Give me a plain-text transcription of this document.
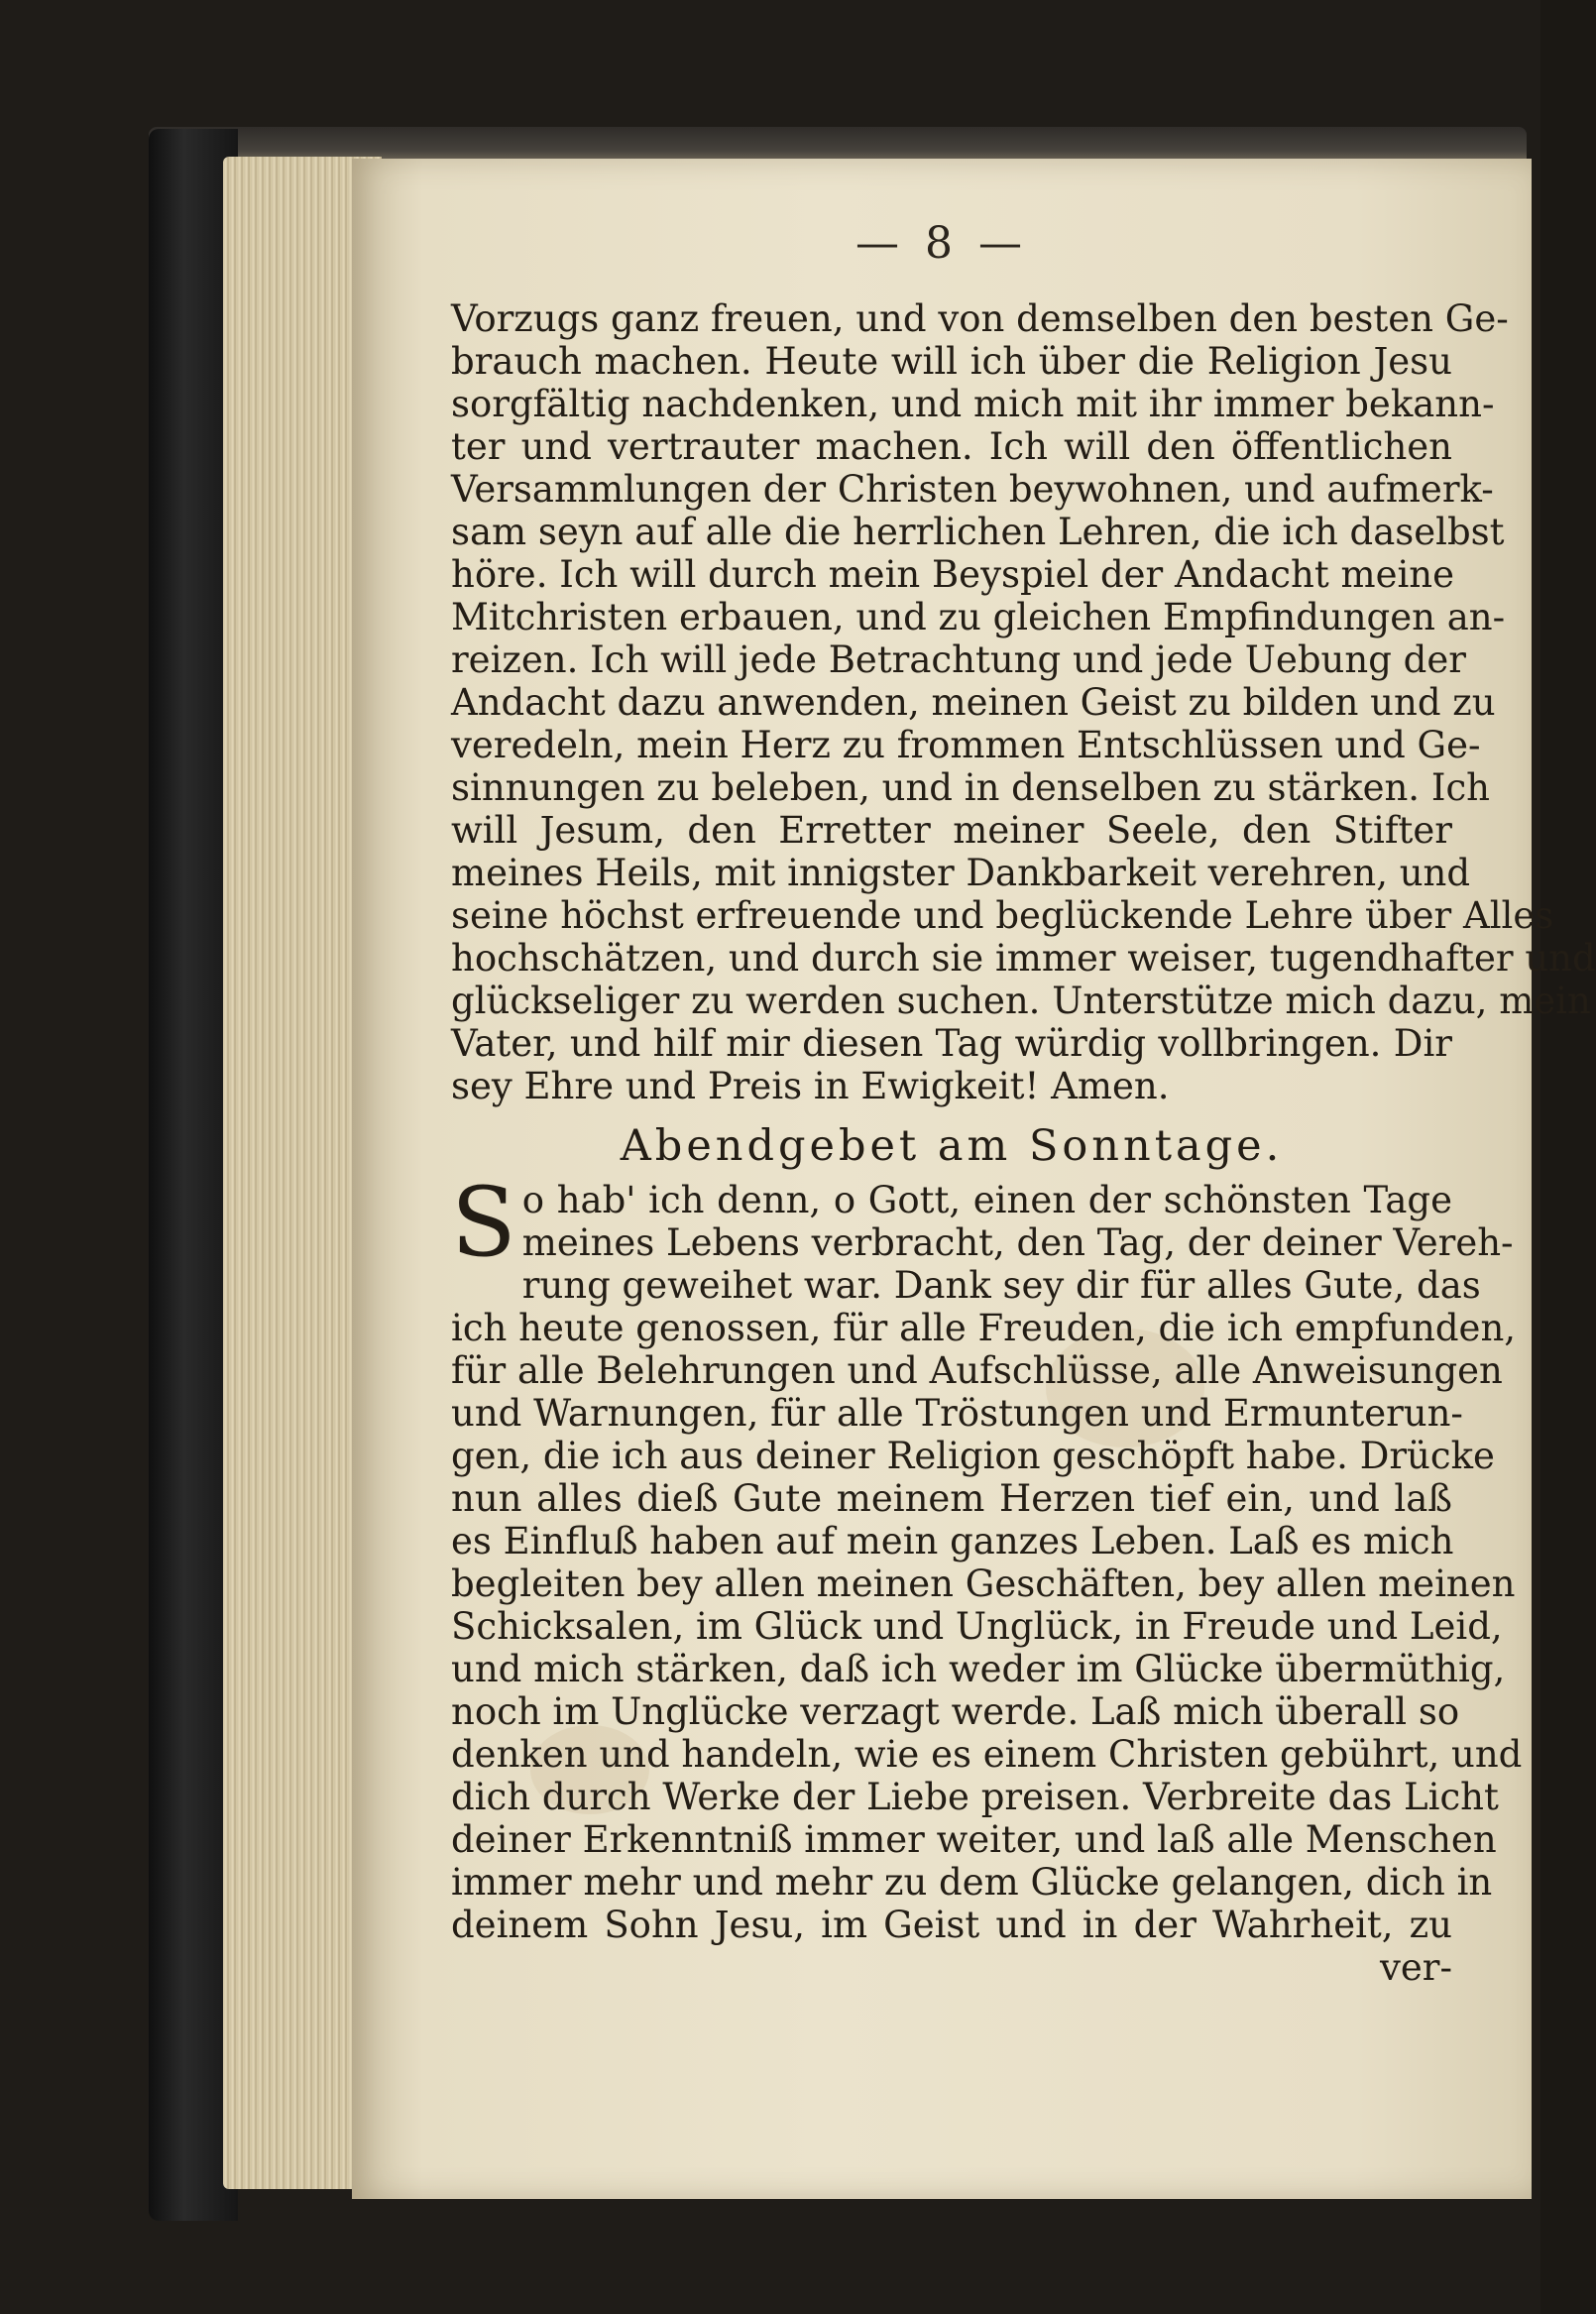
— 8 —
Vorzugs ganz freuen, und von demselben den besten Ge-
brauch machen. Heute will ich über die Religion Jesu
sorgfältig nachdenken, und mich mit ihr immer bekann-
ter und vertrauter machen. Ich will den öffentlichen
Versammlungen der Christen beywohnen, und aufmerk-
sam seyn auf alle die herrlichen Lehren, die ich daselbst
höre. Ich will durch mein Beyspiel der Andacht meine
Mitchristen erbauen, und zu gleichen Empfindungen an-
reizen. Ich will jede Betrachtung und jede Uebung der
Andacht dazu anwenden, meinen Geist zu bilden und zu
veredeln, mein Herz zu frommen Entschlüssen und Ge-
sinnungen zu beleben, und in denselben zu stärken. Ich
will Jesum, den Erretter meiner Seele, den Stifter
meines Heils, mit innigster Dankbarkeit verehren, und
seine höchst erfreuende und beglückende Lehre über Alles
hochschätzen, und durch sie immer weiser, tugendhafter und
glückseliger zu werden suchen. Unterstütze mich dazu, mein
Vater, und hilf mir diesen Tag würdig vollbringen. Dir
sey Ehre und Preis in Ewigkeit! Amen.
Abendgebet am Sonntage.
S o hab' ich denn, o Gott, einen der schönsten Tage
meines Lebens verbracht, den Tag, der deiner Vereh-
rung geweihet war. Dank sey dir für alles Gute, das
ich heute genossen, für alle Freuden, die ich empfunden,
für alle Belehrungen und Aufschlüsse, alle Anweisungen
und Warnungen, für alle Tröstungen und Ermunterun-
gen, die ich aus deiner Religion geschöpft habe. Drücke
nun alles dieß Gute meinem Herzen tief ein, und laß
es Einfluß haben auf mein ganzes Leben. Laß es mich
begleiten bey allen meinen Geschäften, bey allen meinen
Schicksalen, im Glück und Unglück, in Freude und Leid,
und mich stärken, daß ich weder im Glücke übermüthig,
noch im Unglücke verzagt werde. Laß mich überall so
denken und handeln, wie es einem Christen gebührt, und
dich durch Werke der Liebe preisen. Verbreite das Licht
deiner Erkenntniß immer weiter, und laß alle Menschen
immer mehr und mehr zu dem Glücke gelangen, dich in
deinem Sohn Jesu, im Geist und in der Wahrheit, zu
ver-
